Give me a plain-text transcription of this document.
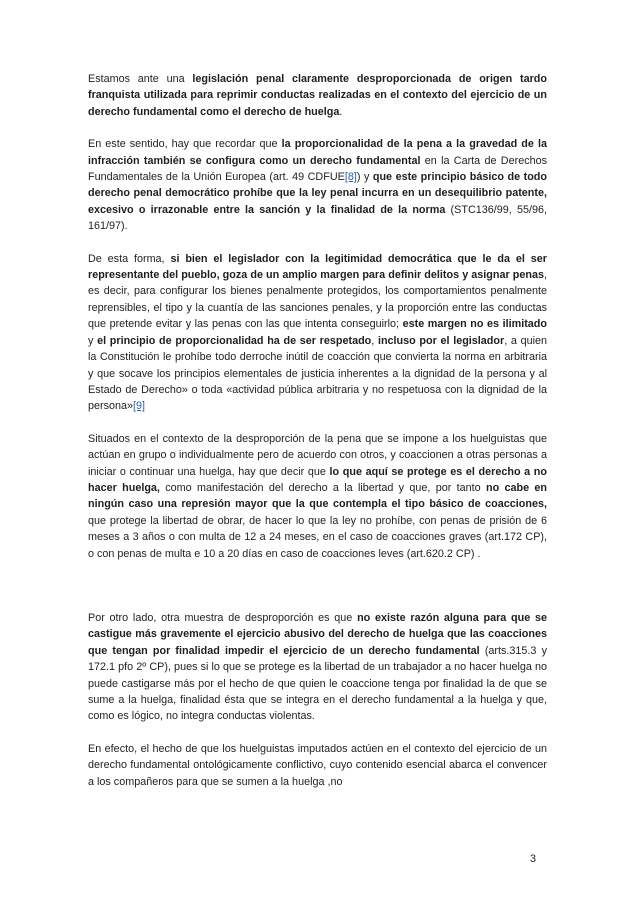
Estamos ante una legislación penal claramente desproporcionada de origen tardo franquista utilizada para reprimir conductas realizadas en el contexto del ejercicio de un derecho fundamental como el derecho de huelga.

En este sentido, hay que recordar que la proporcionalidad de la pena a la gravedad de la infracción también se configura como un derecho fundamental en la Carta de Derechos Fundamentales de la Unión Europea (art. 49 CDFUE[8]) y que este principio básico de todo derecho penal democrático prohíbe que la ley penal incurra en un desequilibrio patente, excesivo o irrazonable entre la sanción y la finalidad de la norma (STC136/99, 55/96, 161/97).

De esta forma, si bien el legislador con la legitimidad democrática que le da el ser representante del pueblo, goza de un amplio margen para definir delitos y asignar penas, es decir, para configurar los bienes penalmente protegidos, los comportamientos penalmente reprensibles, el tipo y la cuantía de las sanciones penales, y la proporción entre las conductas que pretende evitar y las penas con las que intenta conseguirlo; este margen no es ilimitado y el principio de proporcionalidad ha de ser respetado, incluso por el legislador, a quien la Constitución le prohíbe todo derroche inútil de coacción que convierta la norma en arbitraria y que socave los principios elementales de justicia inherentes a la dignidad de la persona y al Estado de Derecho» o toda «actividad pública arbitraria y no respetuosa con la dignidad de la persona»[9]

Situados en el contexto de la desproporción de la pena que se impone a los huelguistas que actúan en grupo o individualmente pero de acuerdo con otros, y coaccionen a otras personas a iniciar o continuar una huelga, hay que decir que lo que aquí se protege es el derecho a no hacer huelga, como manifestación del derecho a la libertad y que, por tanto no cabe en ningún caso una represión mayor que la que contempla el tipo básico de coacciones, que protege la libertad de obrar, de hacer lo que la ley no prohíbe, con penas de prisión de 6 meses a 3 años o con multa de 12 a 24 meses, en el caso de coacciones graves (art.172 CP), o con penas de multa e 10 a 20 días en caso de coacciones leves (art.620.2 CP) .

Por otro lado, otra muestra de desproporción es que no existe razón alguna para que se castigue más gravemente el ejercicio abusivo del derecho de huelga que las coacciones que tengan por finalidad impedir el ejercicio de un derecho fundamental (arts.315.3 y 172.1 pfo 2º CP), pues si lo que se protege es la libertad de un trabajador a no hacer huelga no puede castigarse más por el hecho de que quien le coaccione tenga por finalidad la de que se sume a la huelga, finalidad ésta que se integra en el derecho fundamental a la huelga y que, como es lógico, no integra conductas violentas.

En efecto, el hecho de que los huelguistas imputados actúen en el contexto del ejercicio de un derecho fundamental ontológicamente conflictivo, cuyo contenido esencial abarca el convencer a los compañeros para que se sumen a la huelga ,no

3
